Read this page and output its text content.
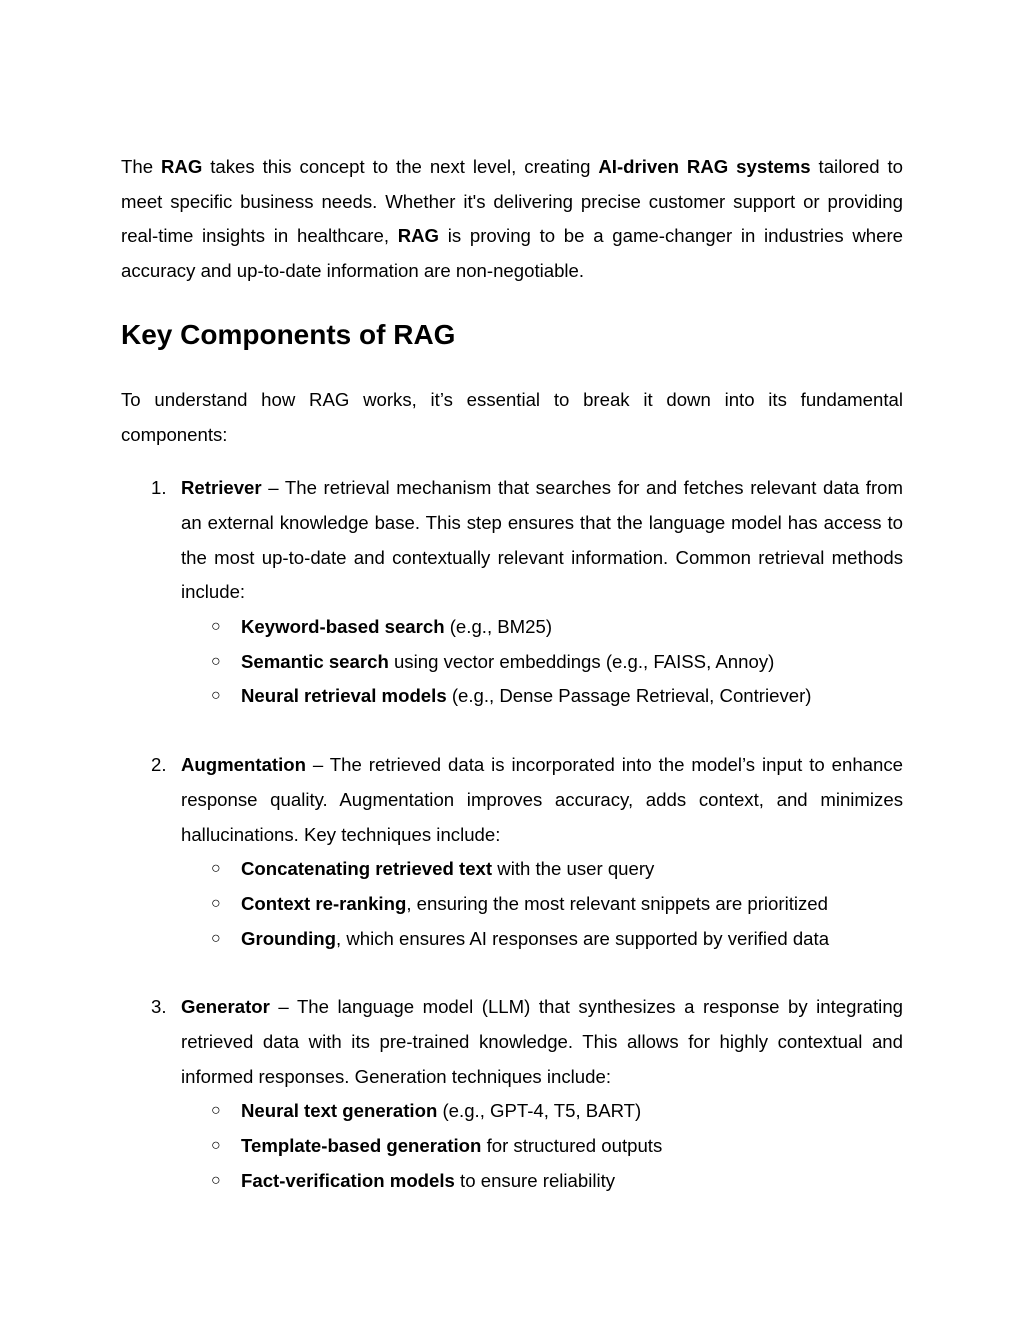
The RAG takes this concept to the next level, creating AI-driven RAG systems tailored to meet specific business needs. Whether it's delivering precise customer support or providing real-time insights in healthcare, RAG is proving to be a game-changer in industries where accuracy and up-to-date information are non-negotiable.

Key Components of RAG

To understand how RAG works, it’s essential to break it down into its fundamental components:

1. Retriever – The retrieval mechanism that searches for and fetches relevant data from an external knowledge base. This step ensures that the language model has access to the most up-to-date and contextually relevant information. Common retrieval methods include:

○ Keyword-based search (e.g., BM25)
○ Semantic search using vector embeddings (e.g., FAISS, Annoy)
○ Neural retrieval models (e.g., Dense Passage Retrieval, Contriever)
2. Augmentation – The retrieved data is incorporated into the model’s input to enhance response quality. Augmentation improves accuracy, adds context, and minimizes hallucinations. Key techniques include:

○ Concatenating retrieved text with the user query
○ Context re-ranking, ensuring the most relevant snippets are prioritized
○ Grounding, which ensures AI responses are supported by verified data
3. Generator – The language model (LLM) that synthesizes a response by integrating retrieved data with its pre-trained knowledge. This allows for highly contextual and informed responses. Generation techniques include:

○ Neural text generation (e.g., GPT-4, T5, BART)
○ Template-based generation for structured outputs
○ Fact-verification models to ensure reliability
